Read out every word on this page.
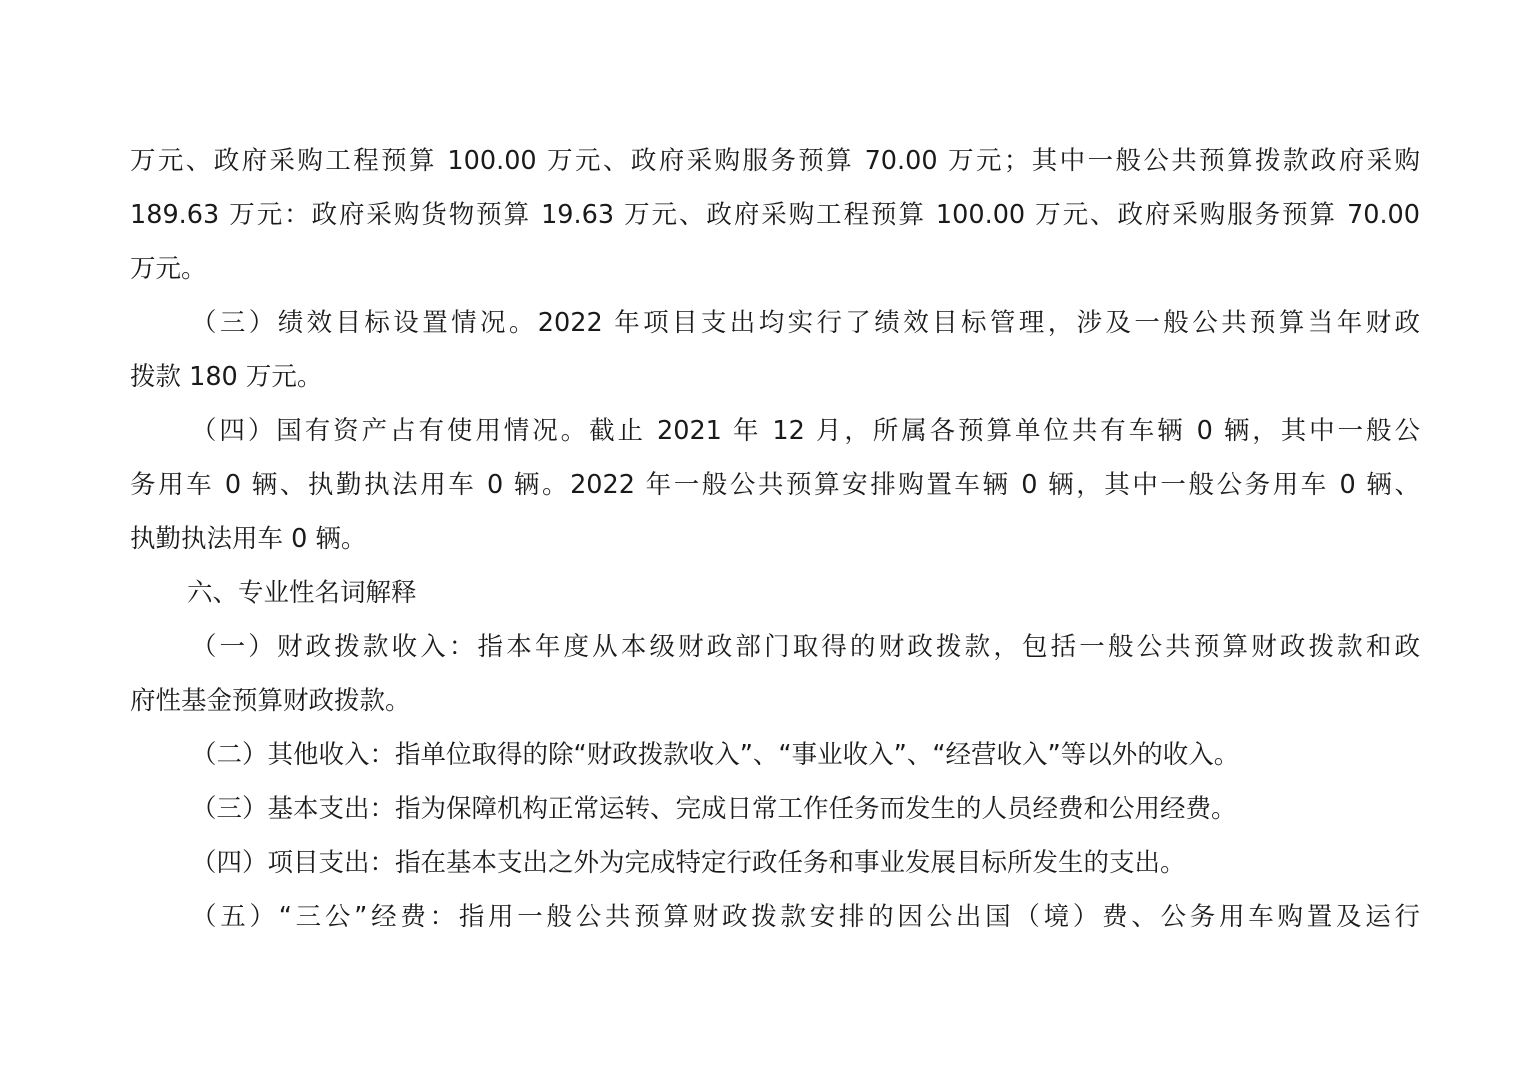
万元、政府采购工程预算 100.00 万元、政府采购服务预算 70.00 万元；其中一般公共预算拨款政府采购
189.63 万元：政府采购货物预算 19.63 万元、政府采购工程预算 100.00 万元、政府采购服务预算 70.00
万元。
（三）绩效目标设置情况。2022 年项目支出均实行了绩效目标管理，涉及一般公共预算当年财政
拨款 180 万元。
（四）国有资产占有使用情况。截止 2021 年 12 月，所属各预算单位共有车辆 0 辆，其中一般公
务用车 0 辆、执勤执法用车 0 辆。2022 年一般公共预算安排购置车辆 0 辆，其中一般公务用车 0 辆、
执勤执法用车 0 辆。
六、专业性名词解释
（一）财政拨款收入：指本年度从本级财政部门取得的财政拨款，包括一般公共预算财政拨款和政
府性基金预算财政拨款。
（二）其他收入：指单位取得的除“财政拨款收入”、“事业收入”、“经营收入”等以外的收入。
（三）基本支出：指为保障机构正常运转、完成日常工作任务而发生的人员经费和公用经费。
（四）项目支出：指在基本支出之外为完成特定行政任务和事业发展目标所发生的支出。
（五）“三公”经费：指用一般公共预算财政拨款安排的因公出国（境）费、公务用车购置及运行
